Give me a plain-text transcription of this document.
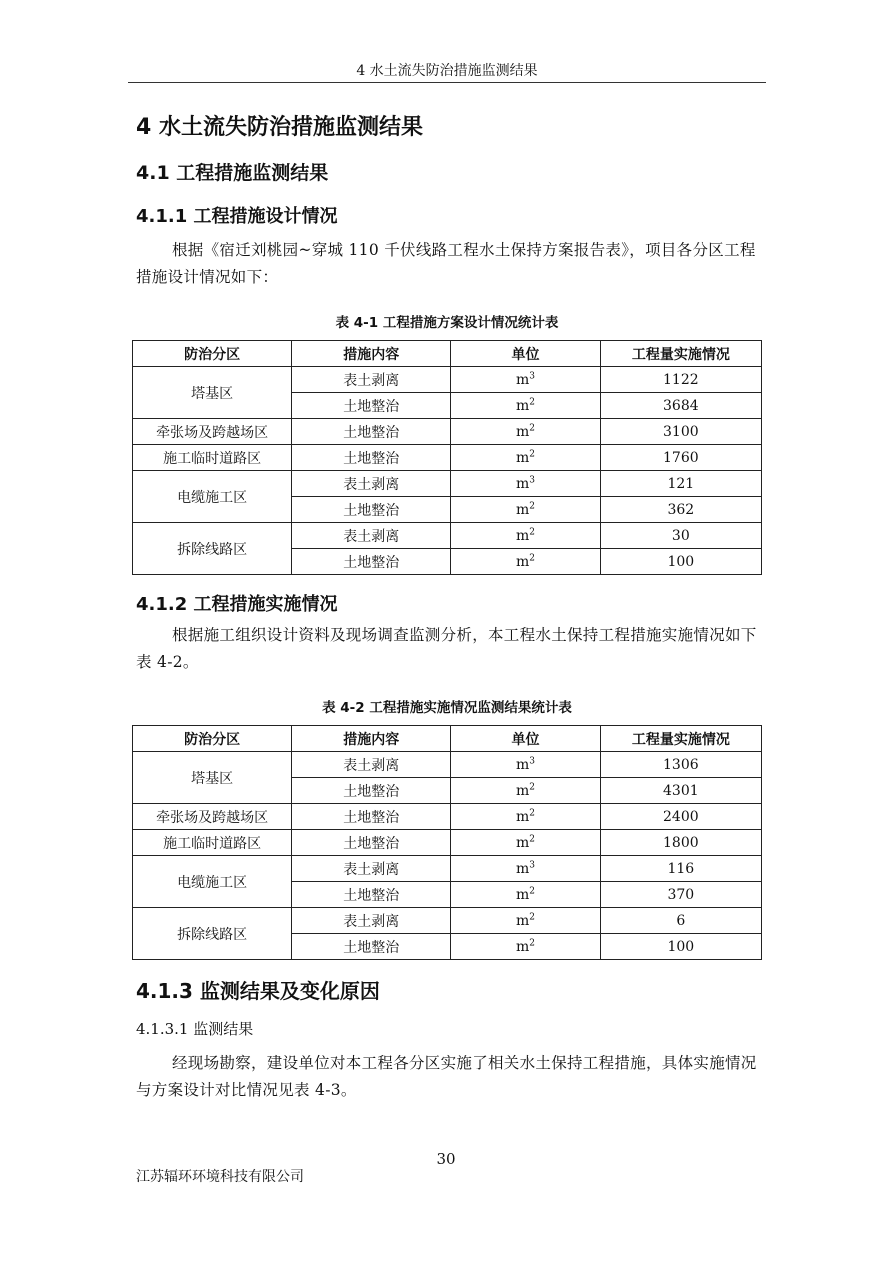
4 水土流失防治措施监测结果
4 水土流失防治措施监测结果
4.1 工程措施监测结果
4.1.1 工程措施设计情况
根据《宿迁刘桃园~穿城 110 千伏线路工程水土保持方案报告表》，项目各分区工程措施设计情况如下：
表 4-1 工程措施方案设计情况统计表
防治分区	措施内容	单位	工程量实施情况
塔基区	表土剥离	$m^3$	1122
	土地整治	$m^2$	3684
牵张场及跨越场区	土地整治	$m^2$	3100
施工临时道路区	土地整治	$m^2$	1760
电缆施工区	表土剥离	$m^3$	121
	土地整治	$m^2$	362
拆除线路区	表土剥离	$m^2$	30
	土地整治	$m^2$	100
4.1.2 工程措施实施情况
根据施工组织设计资料及现场调查监测分析，本工程水土保持工程措施实施情况如下表 4-2。
表 4-2 工程措施实施情况监测结果统计表
防治分区	措施内容	单位	工程量实施情况
塔基区	表土剥离	$m^3$	1306
	土地整治	$m^2$	4301
牵张场及跨越场区	土地整治	$m^2$	2400
施工临时道路区	土地整治	$m^2$	1800
电缆施工区	表土剥离	$m^3$	116
	土地整治	$m^2$	370
拆除线路区	表土剥离	$m^2$	6
	土地整治	$m^2$	100
4.1.3 监测结果及变化原因
4.1.3.1 监测结果
经现场勘察，建设单位对本工程各分区实施了相关水土保持工程措施，具体实施情况与方案设计对比情况见表 4-3。
30
江苏辐环环境科技有限公司
